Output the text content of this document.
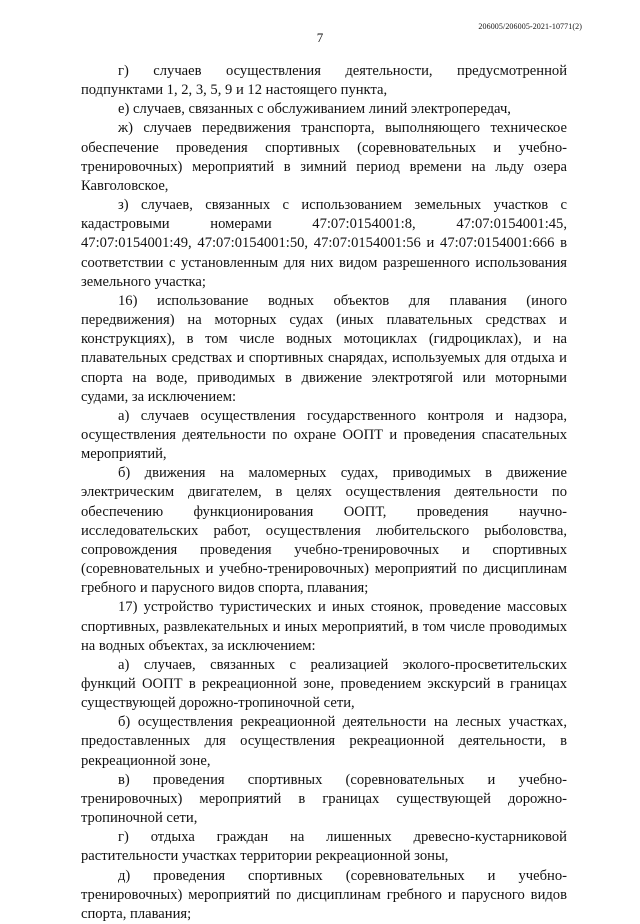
206005/206005-2021-10771(2)
7

г) случаев осуществления деятельности, предусмотренной подпунктами 1, 2, 3, 5, 9 и 12 настоящего пункта,

е) случаев, связанных с обслуживанием линий электропередач,

ж) случаев передвижения транспорта, выполняющего техническое обеспечение проведения спортивных (соревновательных и учебно-тренировочных) мероприятий в зимний период времени на льду озера Кавголовское,

з) случаев, связанных с использованием земельных участков с кадастровыми номерами 47:07:0154001:8, 47:07:0154001:45, 47:07:0154001:49, 47:07:0154001:50, 47:07:0154001:56 и 47:07:0154001:666 в соответствии с установленным для них видом разрешенного использования земельного участка;

16) использование водных объектов для плавания (иного передвижения) на моторных судах (иных плавательных средствах и конструкциях), в том числе водных мотоциклах (гидроциклах), и на плавательных средствах и спортивных снарядах, используемых для отдыха и спорта на воде, приводимых в движение электротягой или моторными судами, за исключением:

а) случаев осуществления государственного контроля и надзора, осуществления деятельности по охране ООПТ и проведения спасательных мероприятий,

б) движения на маломерных судах, приводимых в движение электрическим двигателем, в целях осуществления деятельности по обеспечению функционирования ООПТ, проведения научно-исследовательских работ, осуществления любительского рыболовства, сопровождения проведения учебно-тренировочных и спортивных (соревновательных и учебно-тренировочных) мероприятий по дисциплинам гребного и парусного видов спорта, плавания;

17) устройство туристических и иных стоянок, проведение массовых спортивных, развлекательных и иных мероприятий, в том числе проводимых на водных объектах, за исключением:

а) случаев, связанных с реализацией эколого-просветительских функций ООПТ в рекреационной зоне, проведением экскурсий в границах существующей дорожно-тропиночной сети,

б) осуществления рекреационной деятельности на лесных участках, предоставленных для осуществления рекреационной деятельности, в рекреационной зоне,

в) проведения спортивных (соревновательных и учебно-тренировочных) мероприятий в границах существующей дорожно-тропиночной сети,

г) отдыха граждан на лишенных древесно-кустарниковой растительности участках территории рекреационной зоны,

д) проведения спортивных (соревновательных и учебно-тренировочных) мероприятий по дисциплинам гребного и парусного видов спорта, плавания;
